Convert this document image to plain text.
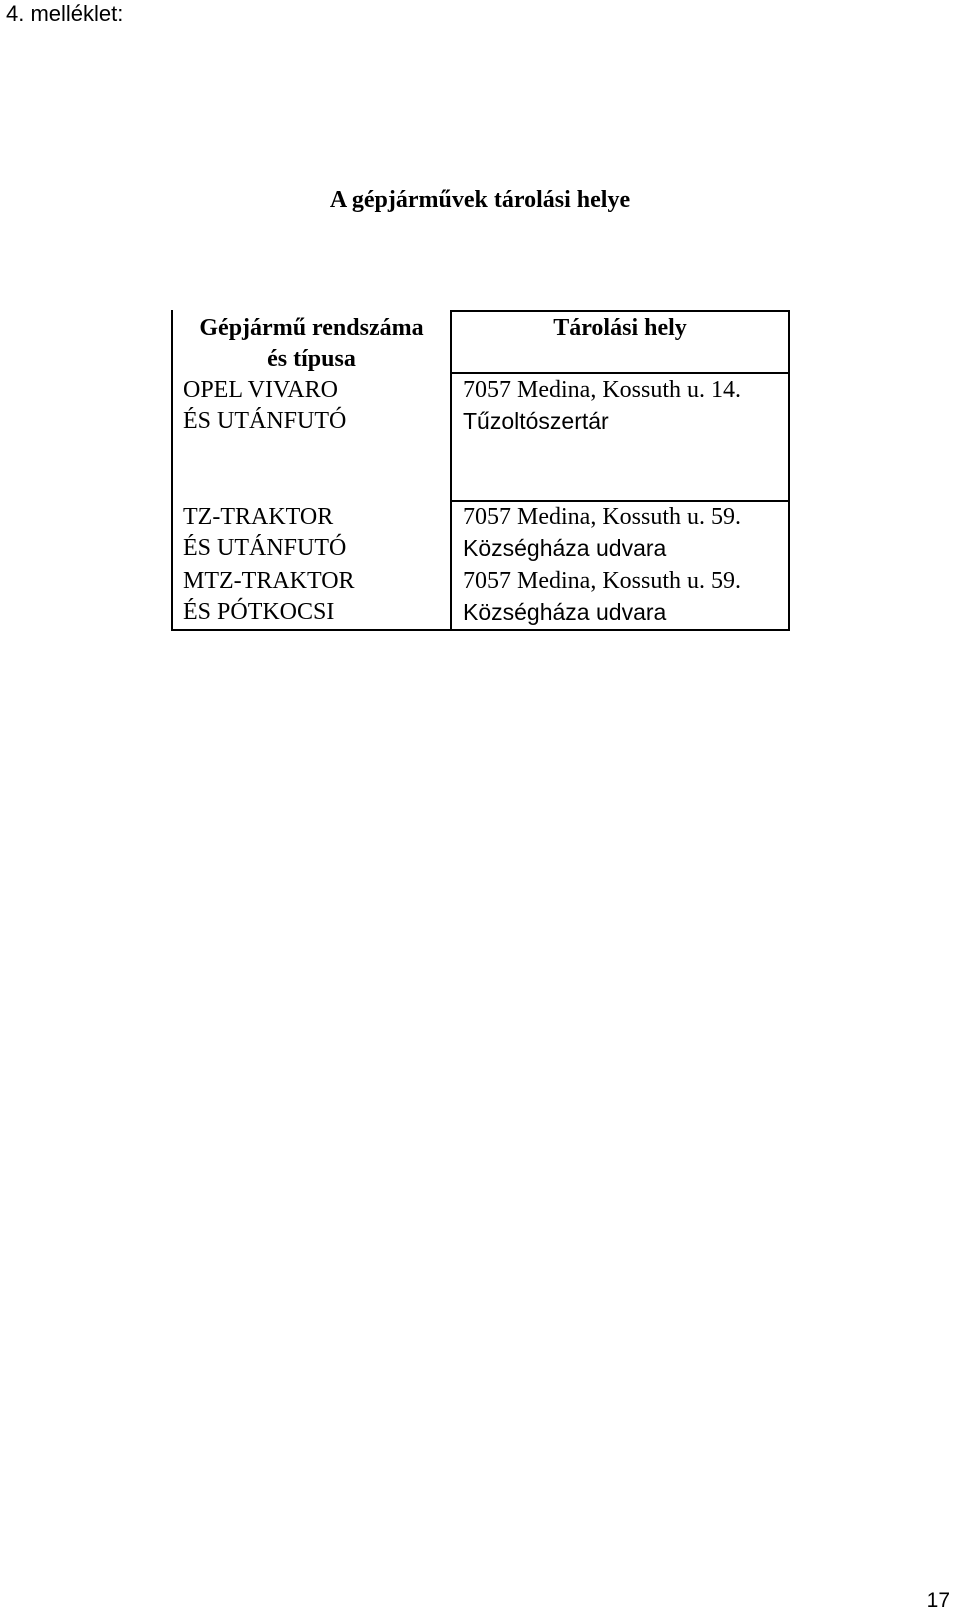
4. melléklet:
A gépjárművek tárolási helye
Gépjármű rendszáma
és típusa
Tárolási hely
OPEL VIVARO
ÉS UTÁNFUTÓ
7057 Medina, Kossuth u. 14.
Tűzoltószertár
TZ-TRAKTOR
ÉS UTÁNFUTÓ
7057 Medina, Kossuth u. 59.
Községháza udvara
MTZ-TRAKTOR
ÉS PÓTKOCSI
7057 Medina, Kossuth u. 59.
Községháza udvara
17
